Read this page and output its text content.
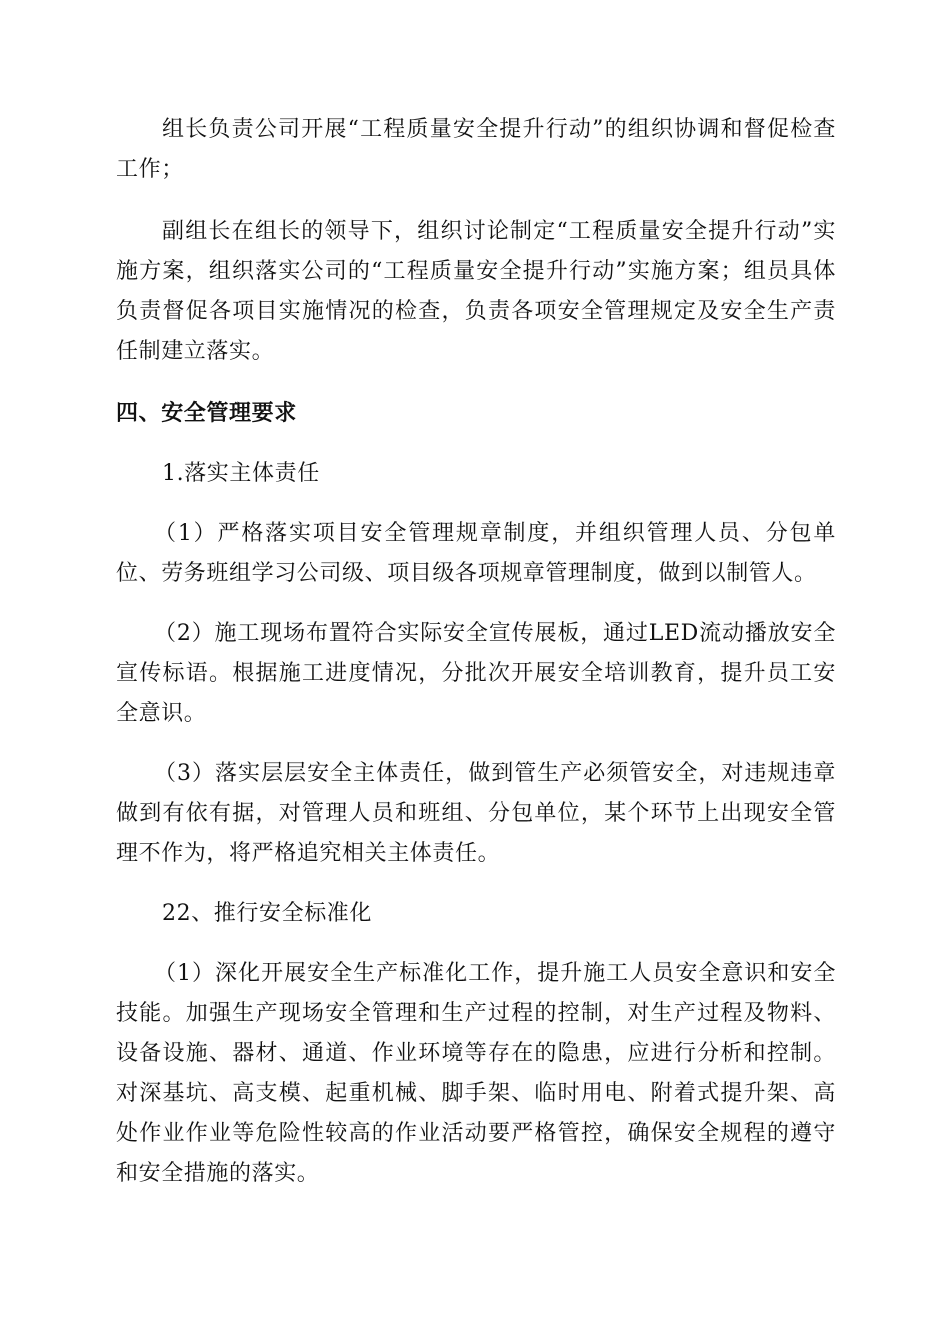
组长负责公司开展“工程质量安全提升行动”的组织协调和督促检查工作；

副组长在组长的领导下，组织讨论制定“工程质量安全提升行动”实施方案，组织落实公司的“工程质量安全提升行动”实施方案；组员具体负责督促各项目实施情况的检查，负责各项安全管理规定及安全生产责任制建立落实。

四、安全管理要求

1.落实主体责任

（1）严格落实项目安全管理规章制度，并组织管理人员、分包单位、劳务班组学习公司级、项目级各项规章管理制度，做到以制管人。

（2）施工现场布置符合实际安全宣传展板，通过LED流动播放安全宣传标语。根据施工进度情况，分批次开展安全培训教育，提升员工安全意识。

（3）落实层层安全主体责任，做到管生产必须管安全，对违规违章做到有依有据，对管理人员和班组、分包单位，某个环节上出现安全管理不作为，将严格追究相关主体责任。

22、推行安全标准化

（1）深化开展安全生产标准化工作，提升施工人员安全意识和安全技能。加强生产现场安全管理和生产过程的控制，对生产过程及物料、设备设施、器材、通道、作业环境等存在的隐患，应进行分析和控制。对深基坑、高支模、起重机械、脚手架、临时用电、附着式提升架、高处作业作业等危险性较高的作业活动要严格管控，确保安全规程的遵守和安全措施的落实。
